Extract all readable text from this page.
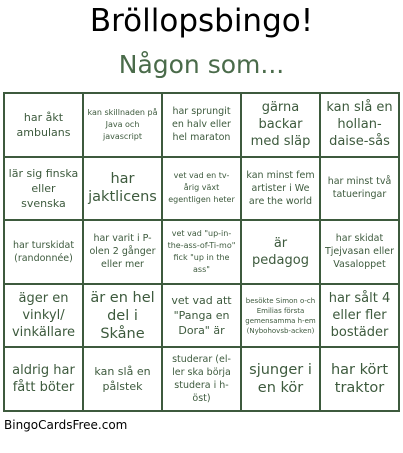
Bröllopsbingo!
Någon som...
har åkt ambulans
kan skillnaden på Java och javascript
har sprungit en halv eller hel maraton
gärna backar med släp
kan slå en hollan-daise-sås
lär sig finska eller svenska
har jaktlicens
vet vad en tv-årig växt egentligen heter
kan minst fem artister i We are the world
har minst två tatueringar
har turskidat (randonnée)
har varit i P-olen 2 gånger eller mer
vet vad "up-in-the-ass-of-Ti-mo" fick "up in the ass"
är pedagog
har skidat Tjejvasan eller Vasaloppet
äger en vinkyl/ vinkällare
är en hel del i Skåne
vet vad att "Panga en Dora" är
besökte Simon o-ch Emilias första gemensamma h-em (Nybohovsb-acken)
har sålt 4 eller fler bostäder
aldrig har fått böter
kan slå en pålstek
studerar (el-ler ska börja studera i h-öst)
sjunger i en kör
har kört traktor
BingoCardsFree.com
